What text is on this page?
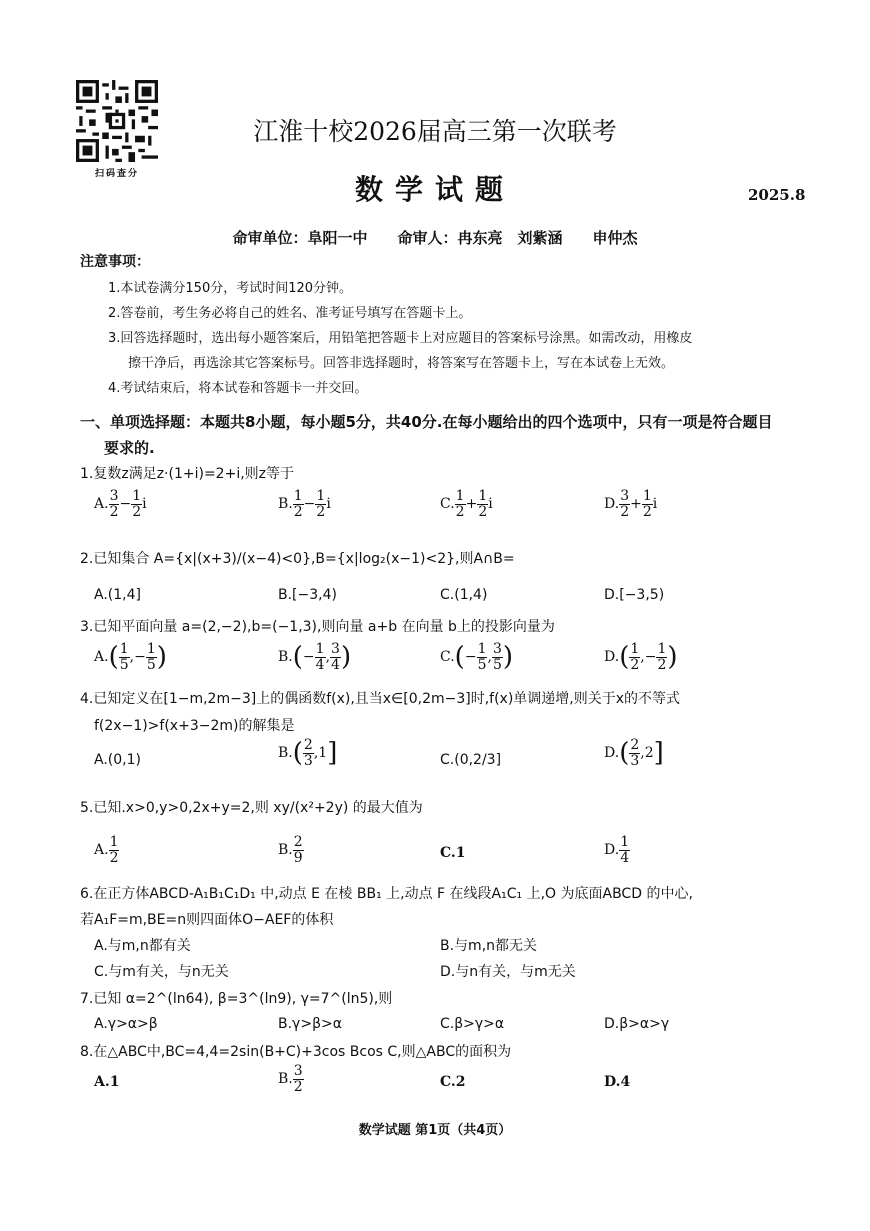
扫码查分
江淮十校2026届高三第一次联考
数学试题	2025.8
命审单位：阜阳一中　　命审人：冉东亮　刘紫涵　　申仲杰
注意事项：
1.本试卷满分150分，考试时间120分钟。
2.答卷前，考生务必将自己的姓名、准考证号填写在答题卡上。
3.回答选择题时，选出每小题答案后，用铅笔把答题卡上对应题目的答案标号涂黑。如需改动，用橡皮
擦干净后，再选涂其它答案标号。回答非选择题时，将答案写在答题卡上，写在本试卷上无效。
4.考试结束后，将本试卷和答题卡一并交回。
一、单项选择题：本题共8小题，每小题5分，共40分.在每小题给出的四个选项中，只有一项是符合题目
要求的.
1.复数z满足z·(1+i)=2+i,则z等于
A. $\frac{3}{2} - \frac{1}{2}$ i	B. $\frac{1}{2} - \frac{1}{2}$ i	C. $\frac{1}{2} + \frac{1}{2}$ i	D. $\frac{3}{2} + \frac{1}{2}$ i
2.已知集合 A={x|(x+3)/(x−4)<0},B={x|log₂(x−1)<2},则A∩B=
A.(1,4]	B.[−3,4)	C.(1,4)	D.[−3,5)
3.已知平面向量 a=(2,−2),b=(−1,3),则向量 a+b 在向量 b上的投影向量为
$A.( \frac{1}{5}$ ,− $\frac{1}{5}$ )	$B.(- \frac{1}{4}$ , $\frac{3}{4}$ )	$C.(- \frac{1}{5}$ , $\frac{3}{5}$ )	$D.( \frac{1}{2}$ ,− $\frac{1}{2}$ )
4.已知定义在[1−m,2m−3]上的偶函数f(x),且当x∈[0,2m−3]时,f(x)单调递增,则关于x的不等式
f(2x−1)>f(x+3−2m)的解集是
A.(0,1)	$B.( \frac{2}{3} ,1]$	C.(0,2/3]	$D.( \frac{2}{3} ,2]$
5.已知.x>0,y>0,2x+y=2,则 xy/(x²+2y) 的最大值为
A. $\frac{1}{2}$	B. $\frac{2}{9}$	C.1	D. $\frac{1}{4}$
6.在正方体ABCD-A₁B₁C₁D₁ 中,动点 E 在棱 BB₁ 上,动点 F 在线段A₁C₁ 上,O 为底面ABCD 的中心,
若A₁F=m,BE=n则四面体O−AEF的体积
A.与m,n都有关	B.与m,n都无关
C.与m有关，与n无关	D.与n有关，与m无关
7.已知 α=2^(ln64), β=3^(ln9), γ=7^(ln5),则
A.γ>α>β	B.γ>β>α	C.β>γ>α	D.β>α>γ
8.在△ABC中,BC=4,4=2sin(B+C)+3cos Bcos C,则△ABC的面积为
A.1	B. $\frac{3}{2}$	C.2	D.4
数学试题 第1页（共4页）
